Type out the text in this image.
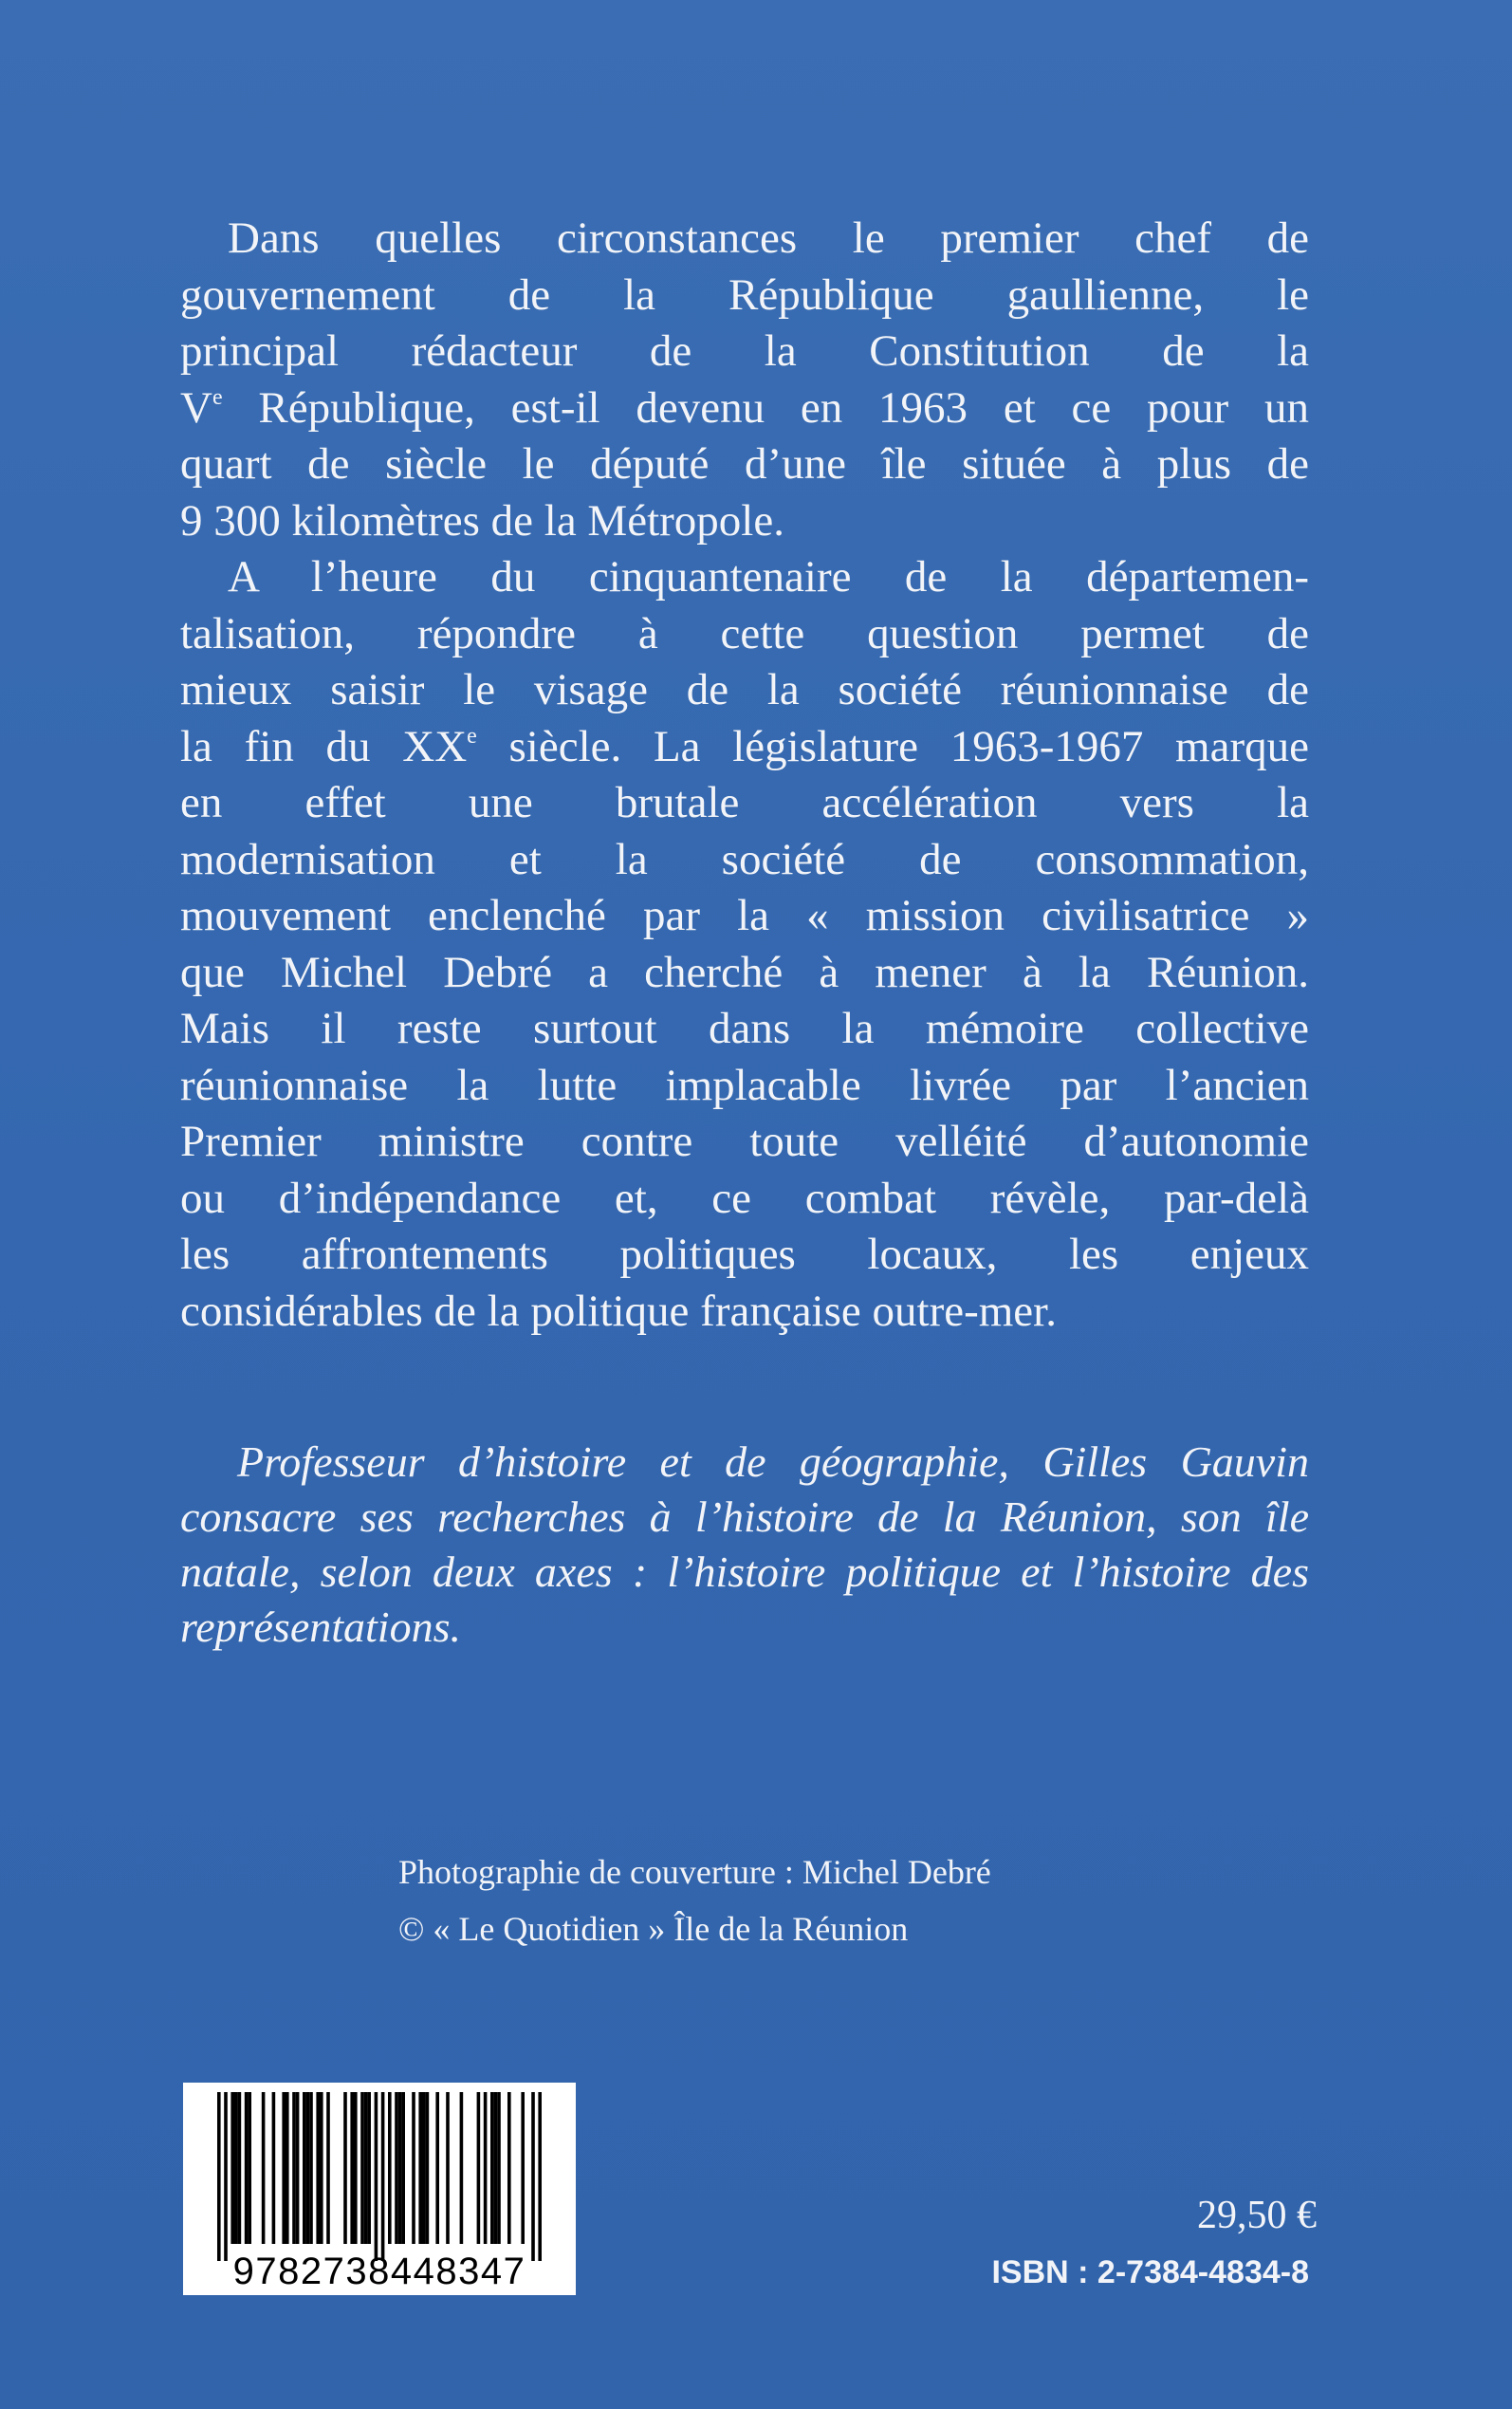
Dans quelles circonstances le premier chef de
gouvernement de la République gaullienne, le
principal rédacteur de la Constitution de la
Ve République, est-il devenu en 1963 et ce pour un
quart de siècle le député d’une île située à plus de
9 300 kilomètres de la Métropole.
A l’heure du cinquantenaire de la départemen-
talisation, répondre à cette question permet de
mieux saisir le visage de la société réunionnaise de
la fin du XXe siècle. La législature 1963-1967 marque
en effet une brutale accélération vers la
modernisation et la société de consommation,
mouvement enclenché par la « mission civilisatrice »
que Michel Debré a cherché à mener à la Réunion.
Mais il reste surtout dans la mémoire collective
réunionnaise la lutte implacable livrée par l’ancien
Premier ministre contre toute velléité d’autonomie
ou d’indépendance et, ce combat révèle, par-delà
les affrontements politiques locaux, les enjeux
considérables de la politique française outre-mer.

Professeur d’histoire et de géographie, Gilles Gauvin
consacre ses recherches à l’histoire de la Réunion, son île
natale, selon deux axes : l’histoire politique et l’histoire des
représentations.

Photographie de couverture : Michel Debré
© « Le Quotidien » Île de la Réunion
9782738448347
29,50 €
ISBN : 2-7384-4834-8
